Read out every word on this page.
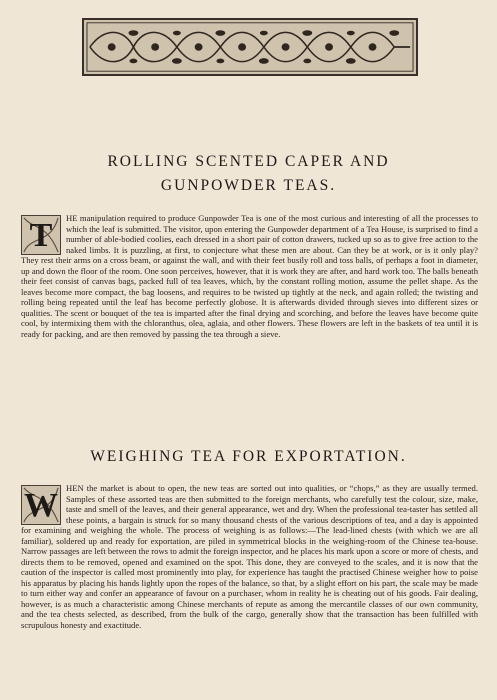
ROLLING SCENTED CAPER AND
GUNPOWDER TEAS.
T	HE manipulation required to produce Gunpowder Tea is one of the most curious and interesting of all the processes to which the leaf is submitted. The visitor, upon entering the Gunpowder department of a Tea House, is surprised to find a number of able-bodied coolies, each dressed in a short pair of cotton drawers, tucked up so as to give free action to the naked limbs. It is puzzling, at first, to conjecture what these men are about. Can they be at work, or is it only play? They rest their arms on a cross beam, or against the wall, and with their feet busily roll and toss balls, of perhaps a foot in diameter, up and down the floor of the room. One soon perceives, however, that it is work they are after, and hard work too. The balls beneath their feet consist of canvas bags, packed full of tea leaves, which, by the constant rolling motion, assume the pellet shape. As the leaves become more compact, the bag loosens, and requires to be twisted up tightly at the neck, and again rolled; the twisting and rolling being repeated until the leaf has become perfectly globose. It is afterwards divided through sieves into different sizes or qualities. The scent or bouquet of the tea is imparted after the final drying and scorching, and before the leaves have become quite cool, by intermixing them with the chloranthus, olea, aglaia, and other flowers. These flowers are left in the baskets of tea until it is ready for packing, and are then removed by passing the tea through a sieve.

WEIGHING TEA FOR EXPORTATION.
W HEN the market is about to open, the new teas are sorted out into qualities, or “chops,” as they are usually termed. Samples of these assorted teas are then submitted to the foreign merchants, who carefully test the colour, size, make, taste and smell of the leaves, and their general appearance, wet and dry. When the professional tea-taster has settled all these points, a bargain is struck for so many thousand chests of the various descriptions of tea, and a day is appointed for examining and weighing the whole. The process of weighing is as follows:—The lead-lined chests (with which we are all familiar), soldered up and ready for exportation, are piled in symmetrical blocks in the weighing-room of the Chinese tea-house. Narrow passages are left between the rows to admit the foreign inspector, and he places his mark upon a score or more of chests, and directs them to be removed, opened and examined on the spot. This done, they are conveyed to the scales, and it is now that the caution of the inspector is called most prominently into play, for experience has taught the practised Chinese weigher how to poise his apparatus by placing his hands lightly upon the ropes of the balance, so that, by a slight effort on his part, the scale may be made to turn either way and confer an appearance of favour on a purchaser, whom in reality he is cheating out of his goods. Fair dealing, however, is as much a characteristic among Chinese merchants of repute as among the mercantile classes of our own community, and the tea chests selected, as described, from the bulk of the cargo, generally show that the transaction has been fulfilled with scrupulous honesty and exactitude.
